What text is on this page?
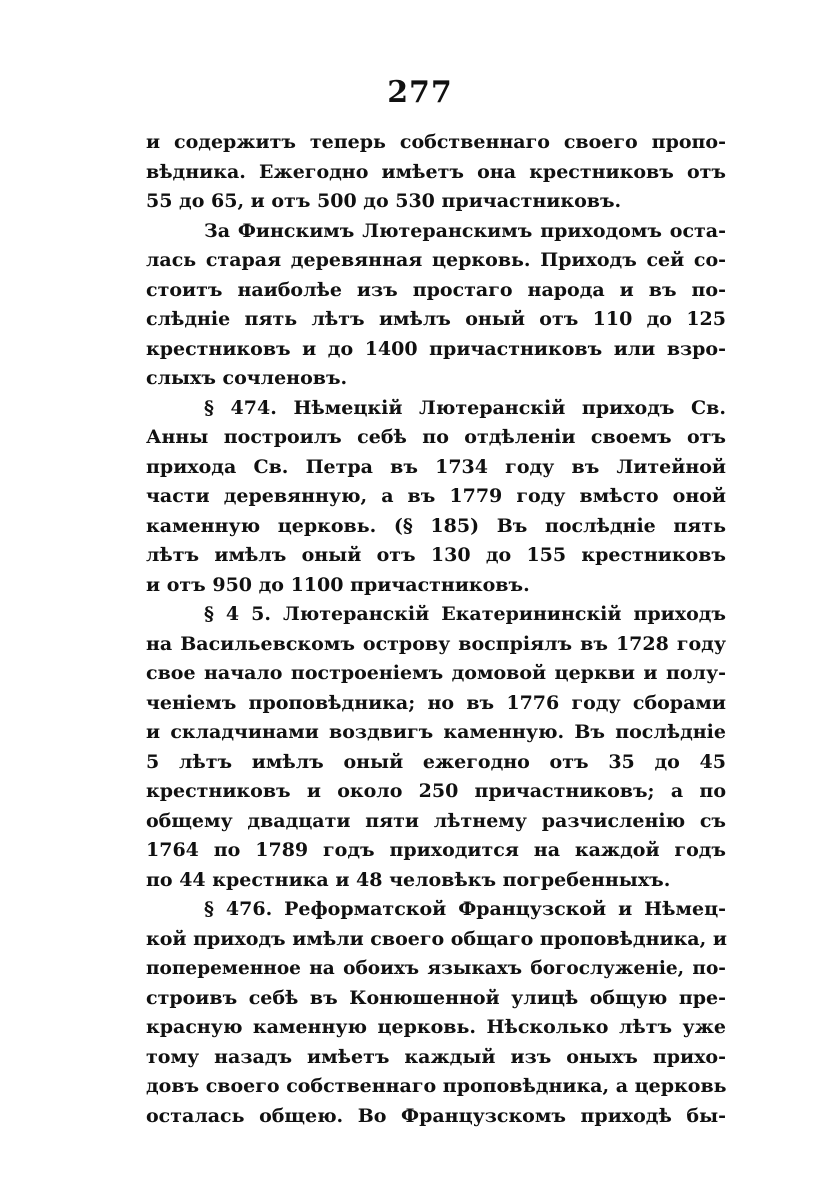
277
и содержитъ теперь собственнаго своего пропо-
вѣдника. Ежегодно имѣетъ она крестниковъ отъ
55 до 65, и отъ 500 до 530 причастниковъ.
За Финскимъ Лютеранскимъ приходомъ оста-
лась старая деревянная церковь. Приходъ сей со-
стоитъ наиболѣе изъ простаго народа и въ по-
слѣдніе пять лѣтъ имѣлъ оный отъ 110 до 125
крестниковъ и до 1400 причастниковъ или взро-
слыхъ сочленовъ.
§ 474. Нѣмецкій Лютеранскій приходъ Св.
Анны построилъ себѣ по отдѣленіи своемъ отъ
прихода Св. Петра въ 1734 году въ Литейной
части деревянную, а въ 1779 году вмѣсто оной
каменную церковь. (§ 185) Въ послѣдніе пять
лѣтъ имѣлъ оный отъ 130 до 155 крестниковъ
и отъ 950 до 1100 причастниковъ.
§ 4 5. Лютеранскій Екатерининскій приходъ
на Васильевскомъ острову воспріялъ въ 1728 году
свое начало построеніемъ домовой церкви и полу-
ченіемъ проповѣдника; но въ 1776 году сборами
и складчинами воздвигъ каменную. Въ послѣдніе
5 лѣтъ имѣлъ оный ежегодно отъ 35 до 45
крестниковъ и около 250 причастниковъ; а по
общему двадцати пяти лѣтнему разчисленію съ
1764 по 1789 годъ приходится на каждой годъ
по 44 крестника и 48 человѣкъ погребенныхъ.
§ 476. Реформатской Французской и Нѣмец-
кой приходъ имѣли своего общаго проповѣдника, и
попеременное на обоихъ языкахъ богослуженіе, по-
строивъ себѣ въ Конюшенной улицѣ общую пре-
красную каменную церковь. Нѣсколько лѣтъ уже
тому назадъ имѣетъ каждый изъ оныхъ прихо-
довъ своего собственнаго проповѣдника, а церковь
осталась общею. Во Французскомъ приходѣ бы-
